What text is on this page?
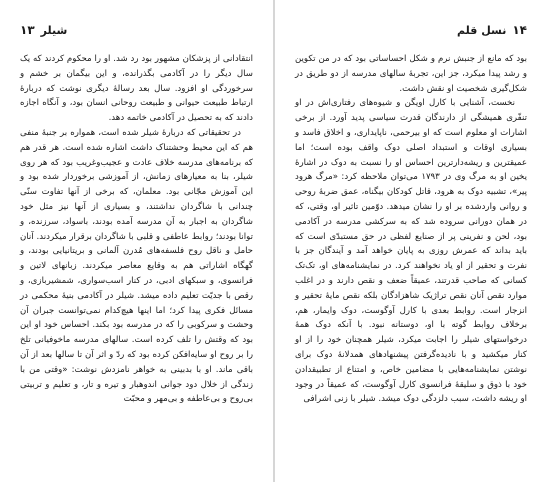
شیلر
۱۳

انتقادانی از پزشکان مشهور بود رد شد. او را محکوم کردند که یک سال دیگر را در آکادمی بگذرانده، و این بیگمان بر خشم و سرخوردگی او افزود. سال بعد رسالهٔ دیگری نوشت که دربارهٔ ارتباط طبیعت حیوانی و طبیعت روحانی انسان بود، و آنگاه اجازه دادند که به تحصیل در آکادمی خاتمه دهد.

در تحقیقاتی که دربارهٔ شیلر شده است، همواره بر جنبهٔ منفی هم که این محیط وحشتناک داشت اشاره شده است. هر قدر هم که برنامه‌های مدرسه خلاف عادت و عجیب‌وغریب بود که هر روی شیلر، بنا به معیارهای زمانش، از آموزشی برخوردار شده بود و این آموزش مجّانی بود. معلمان، که برخی از آنها تفاوت سنّی چندانی با شاگردان نداشتند، و بسیاری از آنها نیز مثل خود شاگردان به اجبار به آن مدرسه آمده بودند، باسواد، سرزنده، و توانا بودند؛ روابط عاطفی و قلبی با شاگردان برقرار میکردند. آنان حامل و ناقل روح فلسفه‌های مُدرن آلمانی و بریتانیایی بودند، و گهگاه اشاراتی هم به وقایع معاصر میکردند. زبانهای لاتین و فرانسوی، و سبکهای ادبی، در کنار اسب‌سواری، شمشیربازی، و رقص با جدیّت تعلیم داده میشد. شیلر در آکادمی بنیهٔ محکمی در مسائل فکری پیدا کرد؛ اما اینها هیچ‌کدام نمی‌توانست جبران آن وحشت و سرکوبی را که در مدرسه بود بکند. احساس خود او این بود که وقتش را تلف کرده است. سالهای مدرسه ماخوفیانی تلخ را بر روح او سایه‌افکن کرده بود که ردّ و اثر آن تا سالها بعد از آن باقی ماند. او با بدبینی به خواهر نامزدش نوشت: «وقتی من با زندگی از خلال دود جوانی اندوهبار و تیره و تار، و تعلیم و تربیتی بی‌روح و بی‌عاطفه و بی‌مهر و محبّت

۱۴
نسل قلم

بود که مانع از جنبش نرم و شکل احساساتی بود که در من تکوین و رشد پیدا میکرد، جز این، تجربهٔ سالهای مدرسه از دو طریق در شکل‌گیری شخصیت او نقش داشت.

نخست، آشنایی با کارل اویگن و شیوه‌های رفتاری‌اش در او تنفّری همیشگی از دارندگان قدرت سیاسی پدید آورد. از برخی اشارات او معلوم است که او بیرحمی، ناپایداری، و اخلاق فاسد و بسیاری اوقات و استبداد اصلی دوک واقف بوده است؛ اما عمیقترین و ریشه‌دارترین احساس او را نسبت به دوک در اشارهٔ یخین او به مرگ وی در ۱۷۹۳ می‌توان ملاحظه کرد: «مرگ هرود پیر»، تشبیه دوک به هرود، قاتل کودکان بیگناه، عمق ضربهٔ روحی و روانی واردشده بر او را نشان میدهد. دوّمین تاثیر او، وقتی، که در همان دورانی سروده شد که به سرکشی مدرسه در آکادمی بود، لحن و نفرینی پر از صنایع لفظی در حق مستبدّی است که باید بداند که عمرش روزی به پایان خواهد آمد و آیندگان جز با نفرت و تحقیر از او یاد نخواهند کرد. در نمایشنامه‌های او، تک‌تک کسانی که صاحب قدرتند، عمیقاً ضعف و نقص دارند و در اغلب موارد نقص آنان نقص تراژیک شاهزادگان بلکه نقص مایهٔ تحقیر و انزجار است. روابط بعدی با کارل آوگوست، دوک وایمار، هم، برخلاف روابط گوته با او، دوستانه نبود. با آنکه دوک همهٔ درخواستهای شیلر را اجابت میکرد، شیلر همچنان خود را از او کنار میکشید و با نادیده‌گرفتن پیشنهادهای همدلانهٔ دوک برای نوشتن نمایشنامه‌هایی با مضامین خاص، و امتناع از تطبیقدادن خود با ذوق و سلیقهٔ فرانسوی کارل آوگوست، که عمیقاً در وجود او ریشه داشت، سبب دلزدگی دوک میشد. شیلر با زنی اشرافی
